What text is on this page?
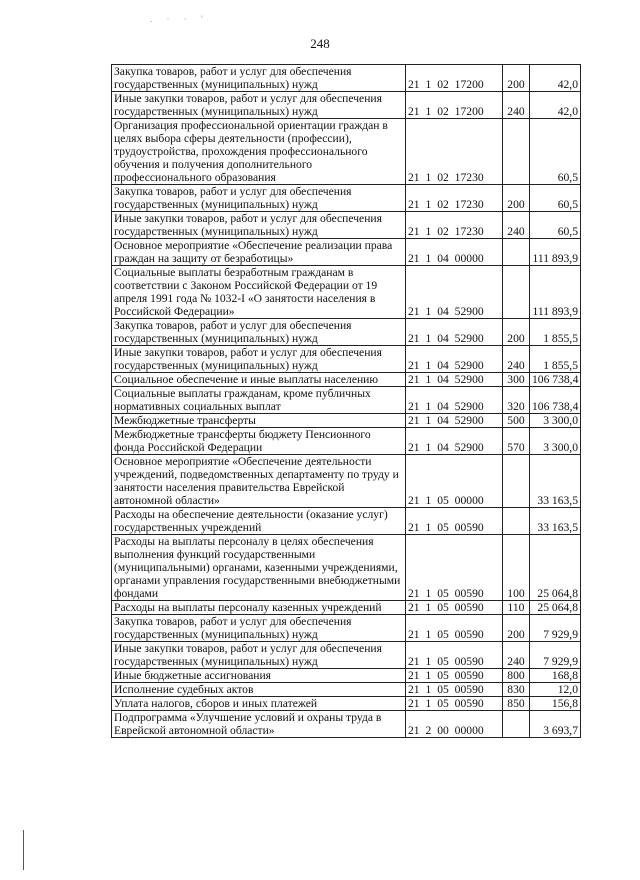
. · · '
248
Закупка товаров, работ и услуг для обеспечения государственных (муниципальных) нужд	21 1 02 17200	200	42,0
Иные закупки товаров, работ и услуг для обеспечения государственных (муниципальных) нужд	21 1 02 17200	240	42,0
Организация профессиональной ориентации граждан в целях выбора сферы деятельности (профессии), трудоустройства, прохождения профессионального обучения и получения дополнительного профессионального образования	21 1 02 17230		60,5
Закупка товаров, работ и услуг для обеспечения государственных (муниципальных) нужд	21 1 02 17230	200	60,5
Иные закупки товаров, работ и услуг для обеспечения государственных (муниципальных) нужд	21 1 02 17230	240	60,5
Основное мероприятие «Обеспечение реализации права граждан на защиту от безработицы»	21 1 04 00000		111 893,9
Социальные выплаты безработным гражданам в соответствии с Законом Российской Федерации от 19 апреля 1991 года № 1032-I «О занятости населения в Российской Федерации»	21 1 04 52900		111 893,9
Закупка товаров, работ и услуг для обеспечения государственных (муниципальных) нужд	21 1 04 52900	200	1 855,5
Иные закупки товаров, работ и услуг для обеспечения государственных (муниципальных) нужд	21 1 04 52900	240	1 855,5
Социальное обеспечение и иные выплаты населению	21 1 04 52900	300	106 738,4
Социальные выплаты гражданам, кроме публичных нормативных социальных выплат	21 1 04 52900	320	106 738,4
Межбюджетные трансферты	21 1 04 52900	500	3 300,0
Межбюджетные трансферты бюджету Пенсионного фонда Российской Федерации	21 1 04 52900	570	3 300,0
Основное мероприятие «Обеспечение деятельности учреждений, подведомственных департаменту по труду и занятости населения правительства Еврейской автономной области»	21 1 05 00000		33 163,5
Расходы на обеспечение деятельности (оказание услуг) государственных учреждений	21 1 05 00590		33 163,5
Расходы на выплаты персоналу в целях обеспечения выполнения функций государственными (муниципальными) органами, казенными учреждениями, органами управления государственными внебюджетными фондами	21 1 05 00590	100	25 064,8
Расходы на выплаты персоналу казенных учреждений	21 1 05 00590	110	25 064,8
Закупка товаров, работ и услуг для обеспечения государственных (муниципальных) нужд	21 1 05 00590	200	7 929,9
Иные закупки товаров, работ и услуг для обеспечения государственных (муниципальных) нужд	21 1 05 00590	240	7 929,9
Иные бюджетные ассигнования	21 1 05 00590	800	168,8
Исполнение судебных актов	21 1 05 00590	830	12,0
Уплата налогов, сборов и иных платежей	21 1 05 00590	850	156,8
Подпрограмма «Улучшение условий и охраны труда в Еврейской автономной области»	21 2 00 00000		3 693,7
